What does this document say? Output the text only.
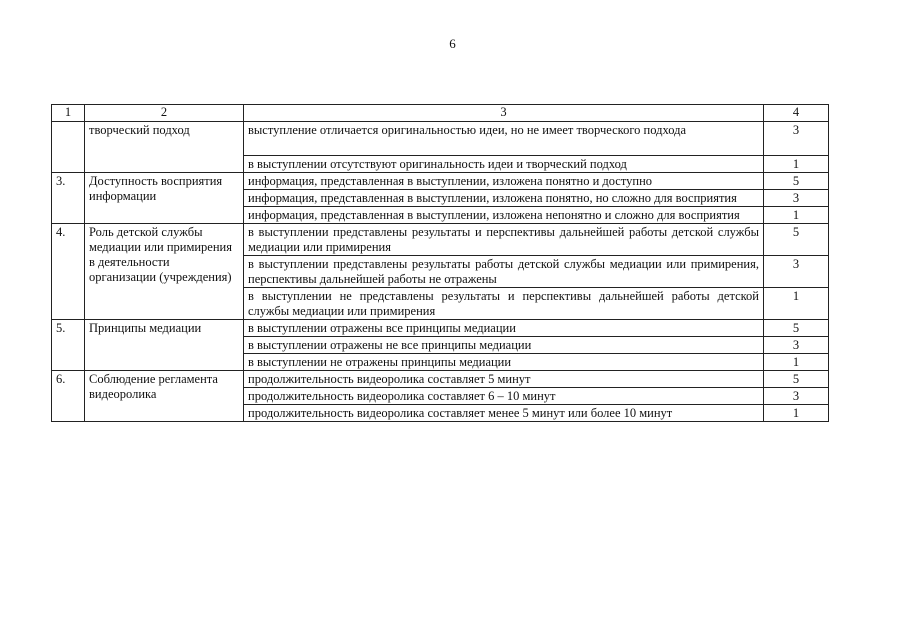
6
1	2	3	4
	творческий подход	выступление отличается оригинальностью идеи, но не имеет творческого подхода	3
		в выступлении отсутствуют оригинальность идеи и творческий подход	1
3.	Доступность восприятия информации	информация, представленная в выступлении, изложена понятно и доступно	5
		информация, представленная в выступлении, изложена понятно, но сложно для восприятия	3
		информация, представленная в выступлении, изложена непонятно и сложно для восприятия	1
4.	Роль детской службы медиации или примирения в деятельности организации (учреждения)	в выступлении представлены результаты и перспективы дальнейшей работы детской службы медиации или примирения	5
		в выступлении представлены результаты работы детской службы медиации или примирения, перспективы дальнейшей работы не отражены	3
		в выступлении не представлены результаты и перспективы дальнейшей работы детской службы медиации или примирения	1
5.	Принципы медиации	в выступлении отражены все принципы медиации	5
		в выступлении отражены не все принципы медиации	3
		в выступлении не отражены принципы медиации	1
6.	Соблюдение регламента видеоролика	продолжительность видеоролика составляет 5 минут	5
		продолжительность видеоролика составляет 6 – 10 минут	3
		продолжительность видеоролика составляет менее 5 минут или более 10 минут	1
